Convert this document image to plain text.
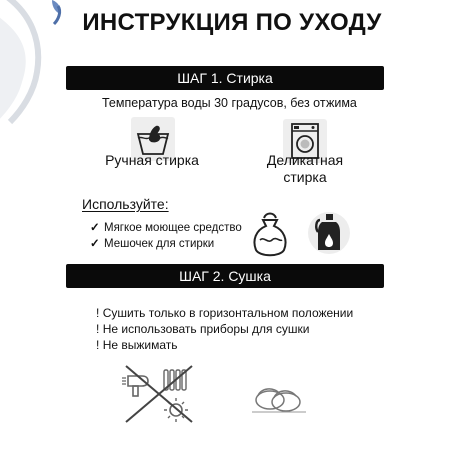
ИНСТРУКЦИЯ ПО УХОДУ
ШАГ 1. Стирка
Температура воды 30 градусов, без отжима
Ручная стирка	Деликатная стирка
Используйте:
✓ Мягкое моющее средство
✓ Мешочек для стирки
ШАГ 2. Сушка
! Сушить только в горизонтальном положении
! Не использовать приборы для сушки
! Не выжимать
